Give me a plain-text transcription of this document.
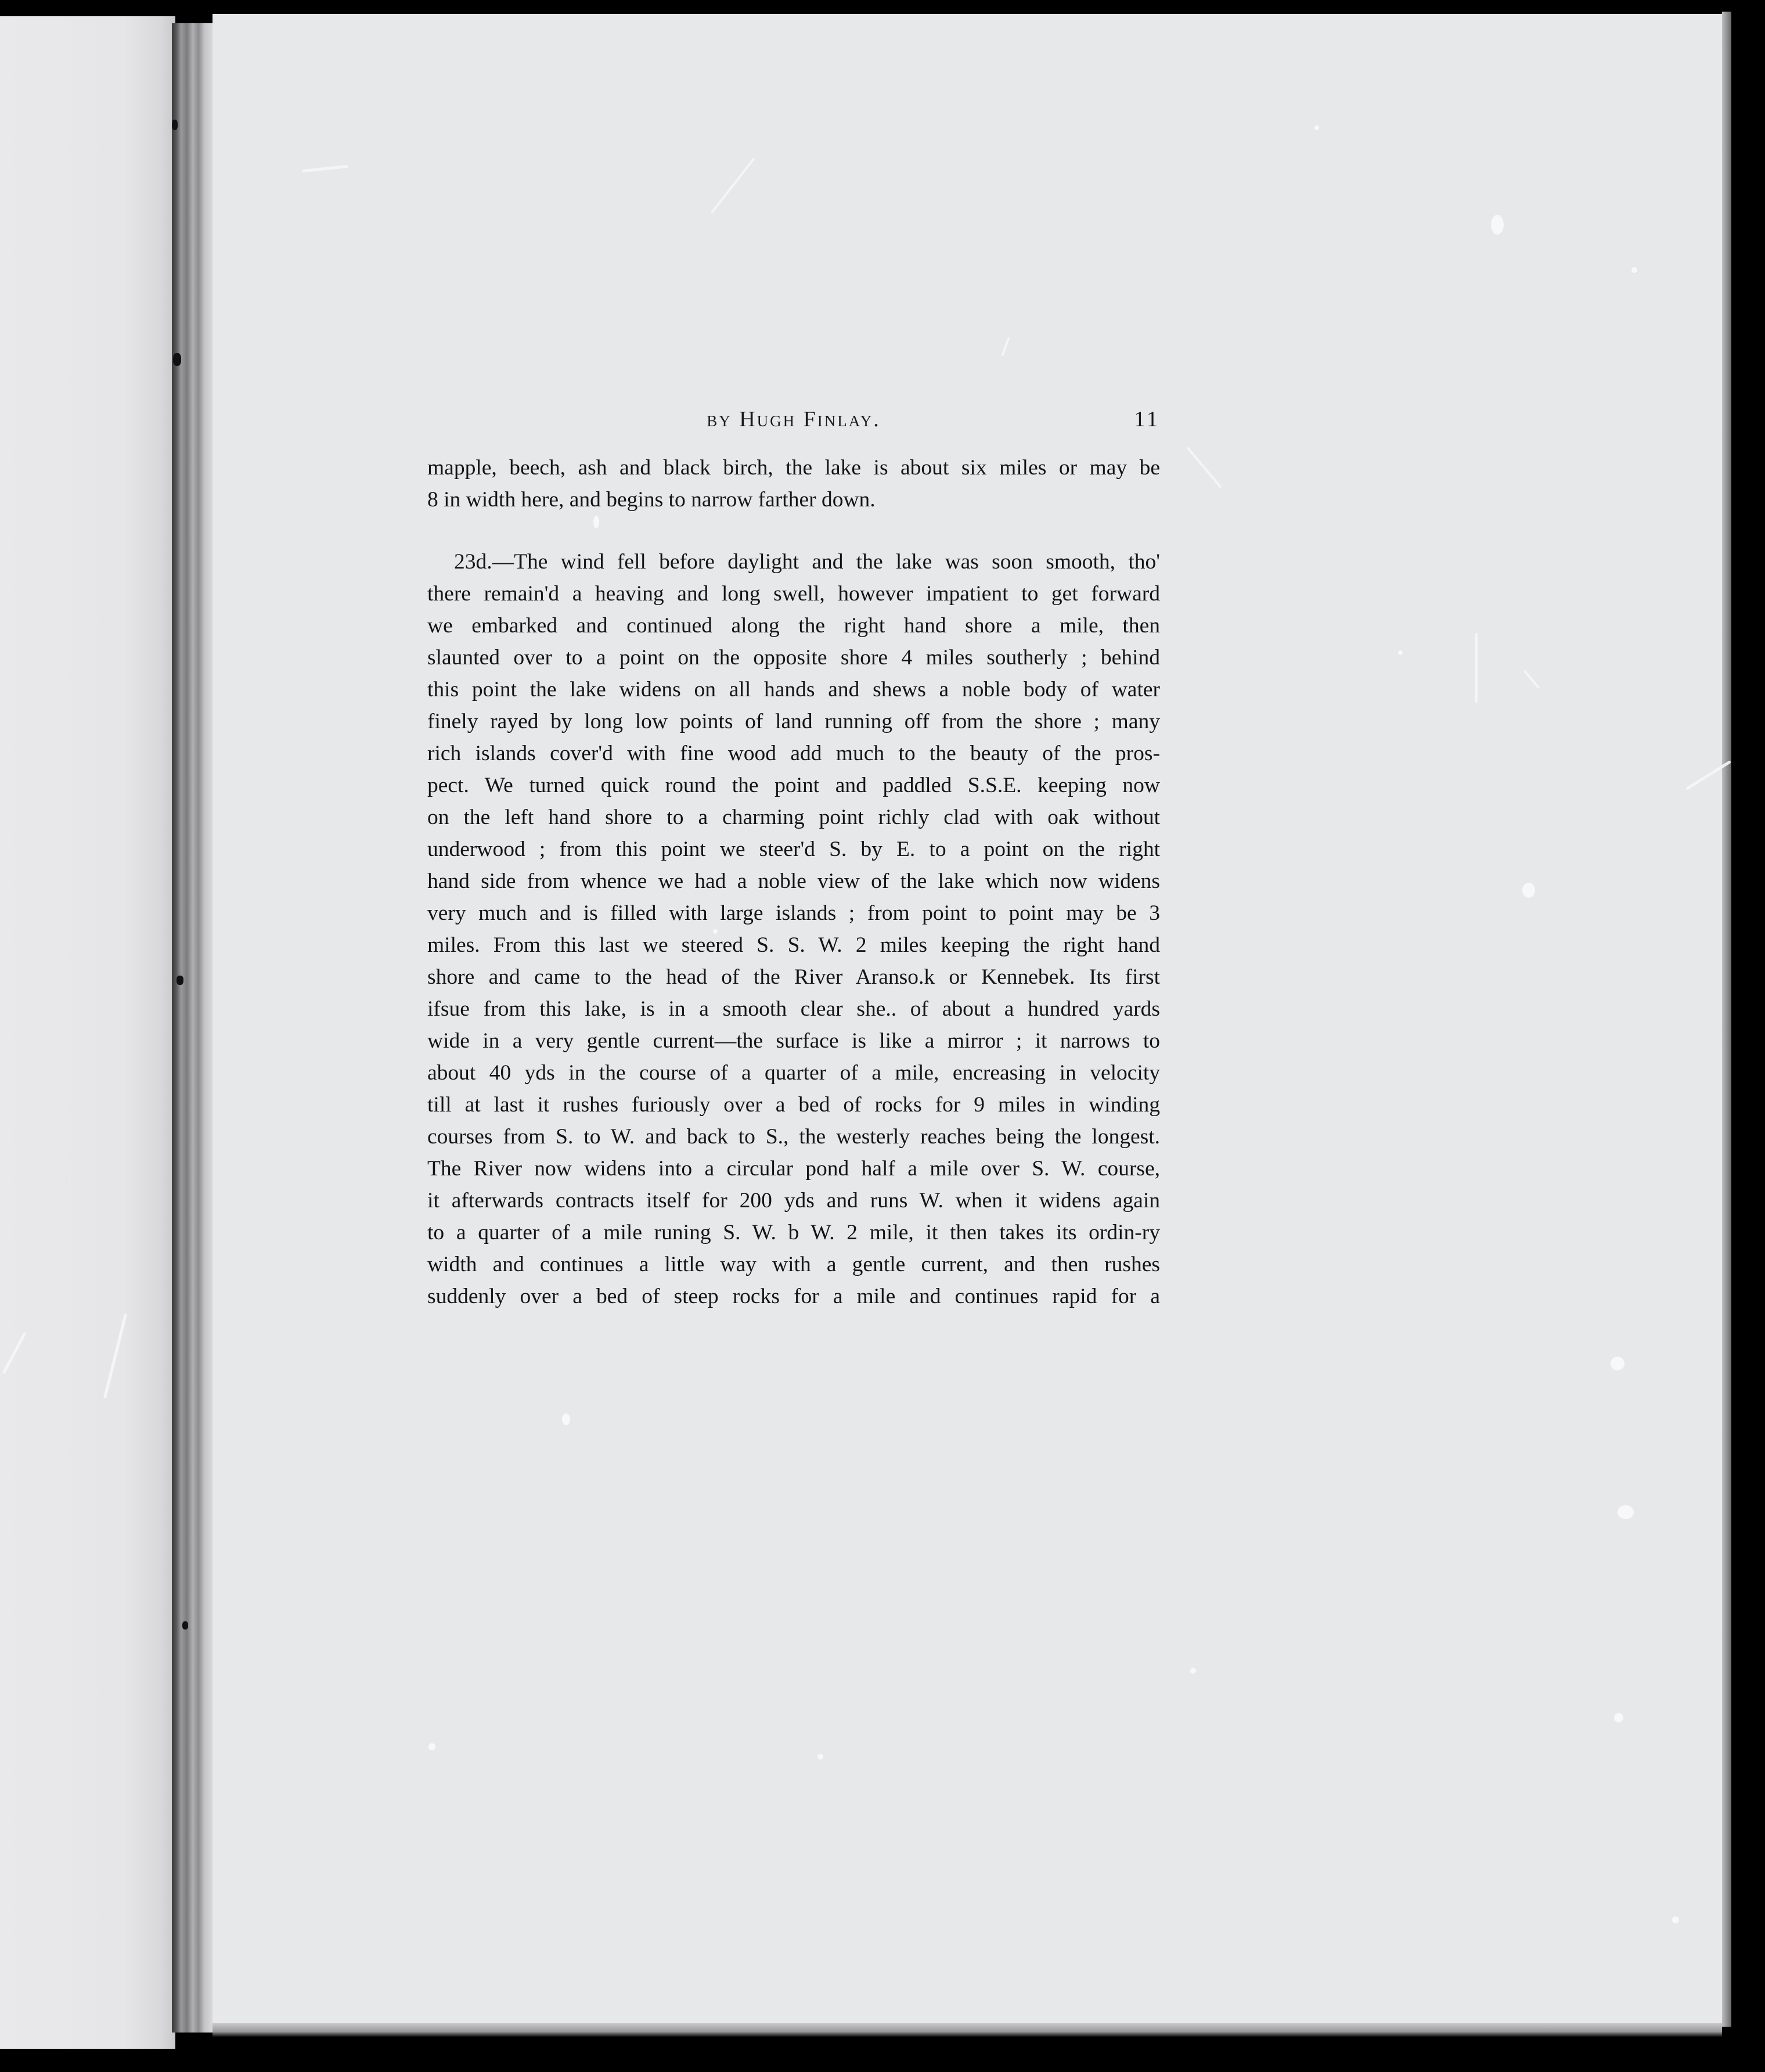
by Hugh Finlay.	11
mapple, beech, ash and black birch, the lake is about six miles or may be
8 in width here, and begins to narrow farther down.
23d.—The wind fell before daylight and the lake was soon smooth, tho'
there remain'd a heaving and long swell, however impatient to get forward
we embarked and continued along the right hand shore a mile, then
slaunted over to a point on the opposite shore 4 miles southerly ; behind
this point the lake widens on all hands and shews a noble body of water
finely rayed by long low points of land running off from the shore ; many
rich islands cover'd with fine wood add much to the beauty of the pros-
pect. We turned quick round the point and paddled S.S.E. keeping now
on the left hand shore to a charming point richly clad with oak without
underwood ; from this point we steer'd S. by E. to a point on the right
hand side from whence we had a noble view of the lake which now widens
very much and is filled with large islands ; from point to point may be 3
miles. From this last we steered S. S. W. 2 miles keeping the right hand
shore and came to the head of the River Aranso.k or Kennebek. Its first
ifsue from this lake, is in a smooth clear she.. of about a hundred yards
wide in a very gentle current—the surface is like a mirror ; it narrows to
about 40 yds in the course of a quarter of a mile, encreasing in velocity
till at last it rushes furiously over a bed of rocks for 9 miles in winding
courses from S. to W. and back to S., the westerly reaches being the longest.
The River now widens into a circular pond half a mile over S. W. course,
it afterwards contracts itself for 200 yds and runs W. when it widens again
to a quarter of a mile runing S. W. b W. 2 mile, it then takes its ordin-ry
width and continues a little way with a gentle current, and then rushes
suddenly over a bed of steep rocks for a mile and continues rapid for a
